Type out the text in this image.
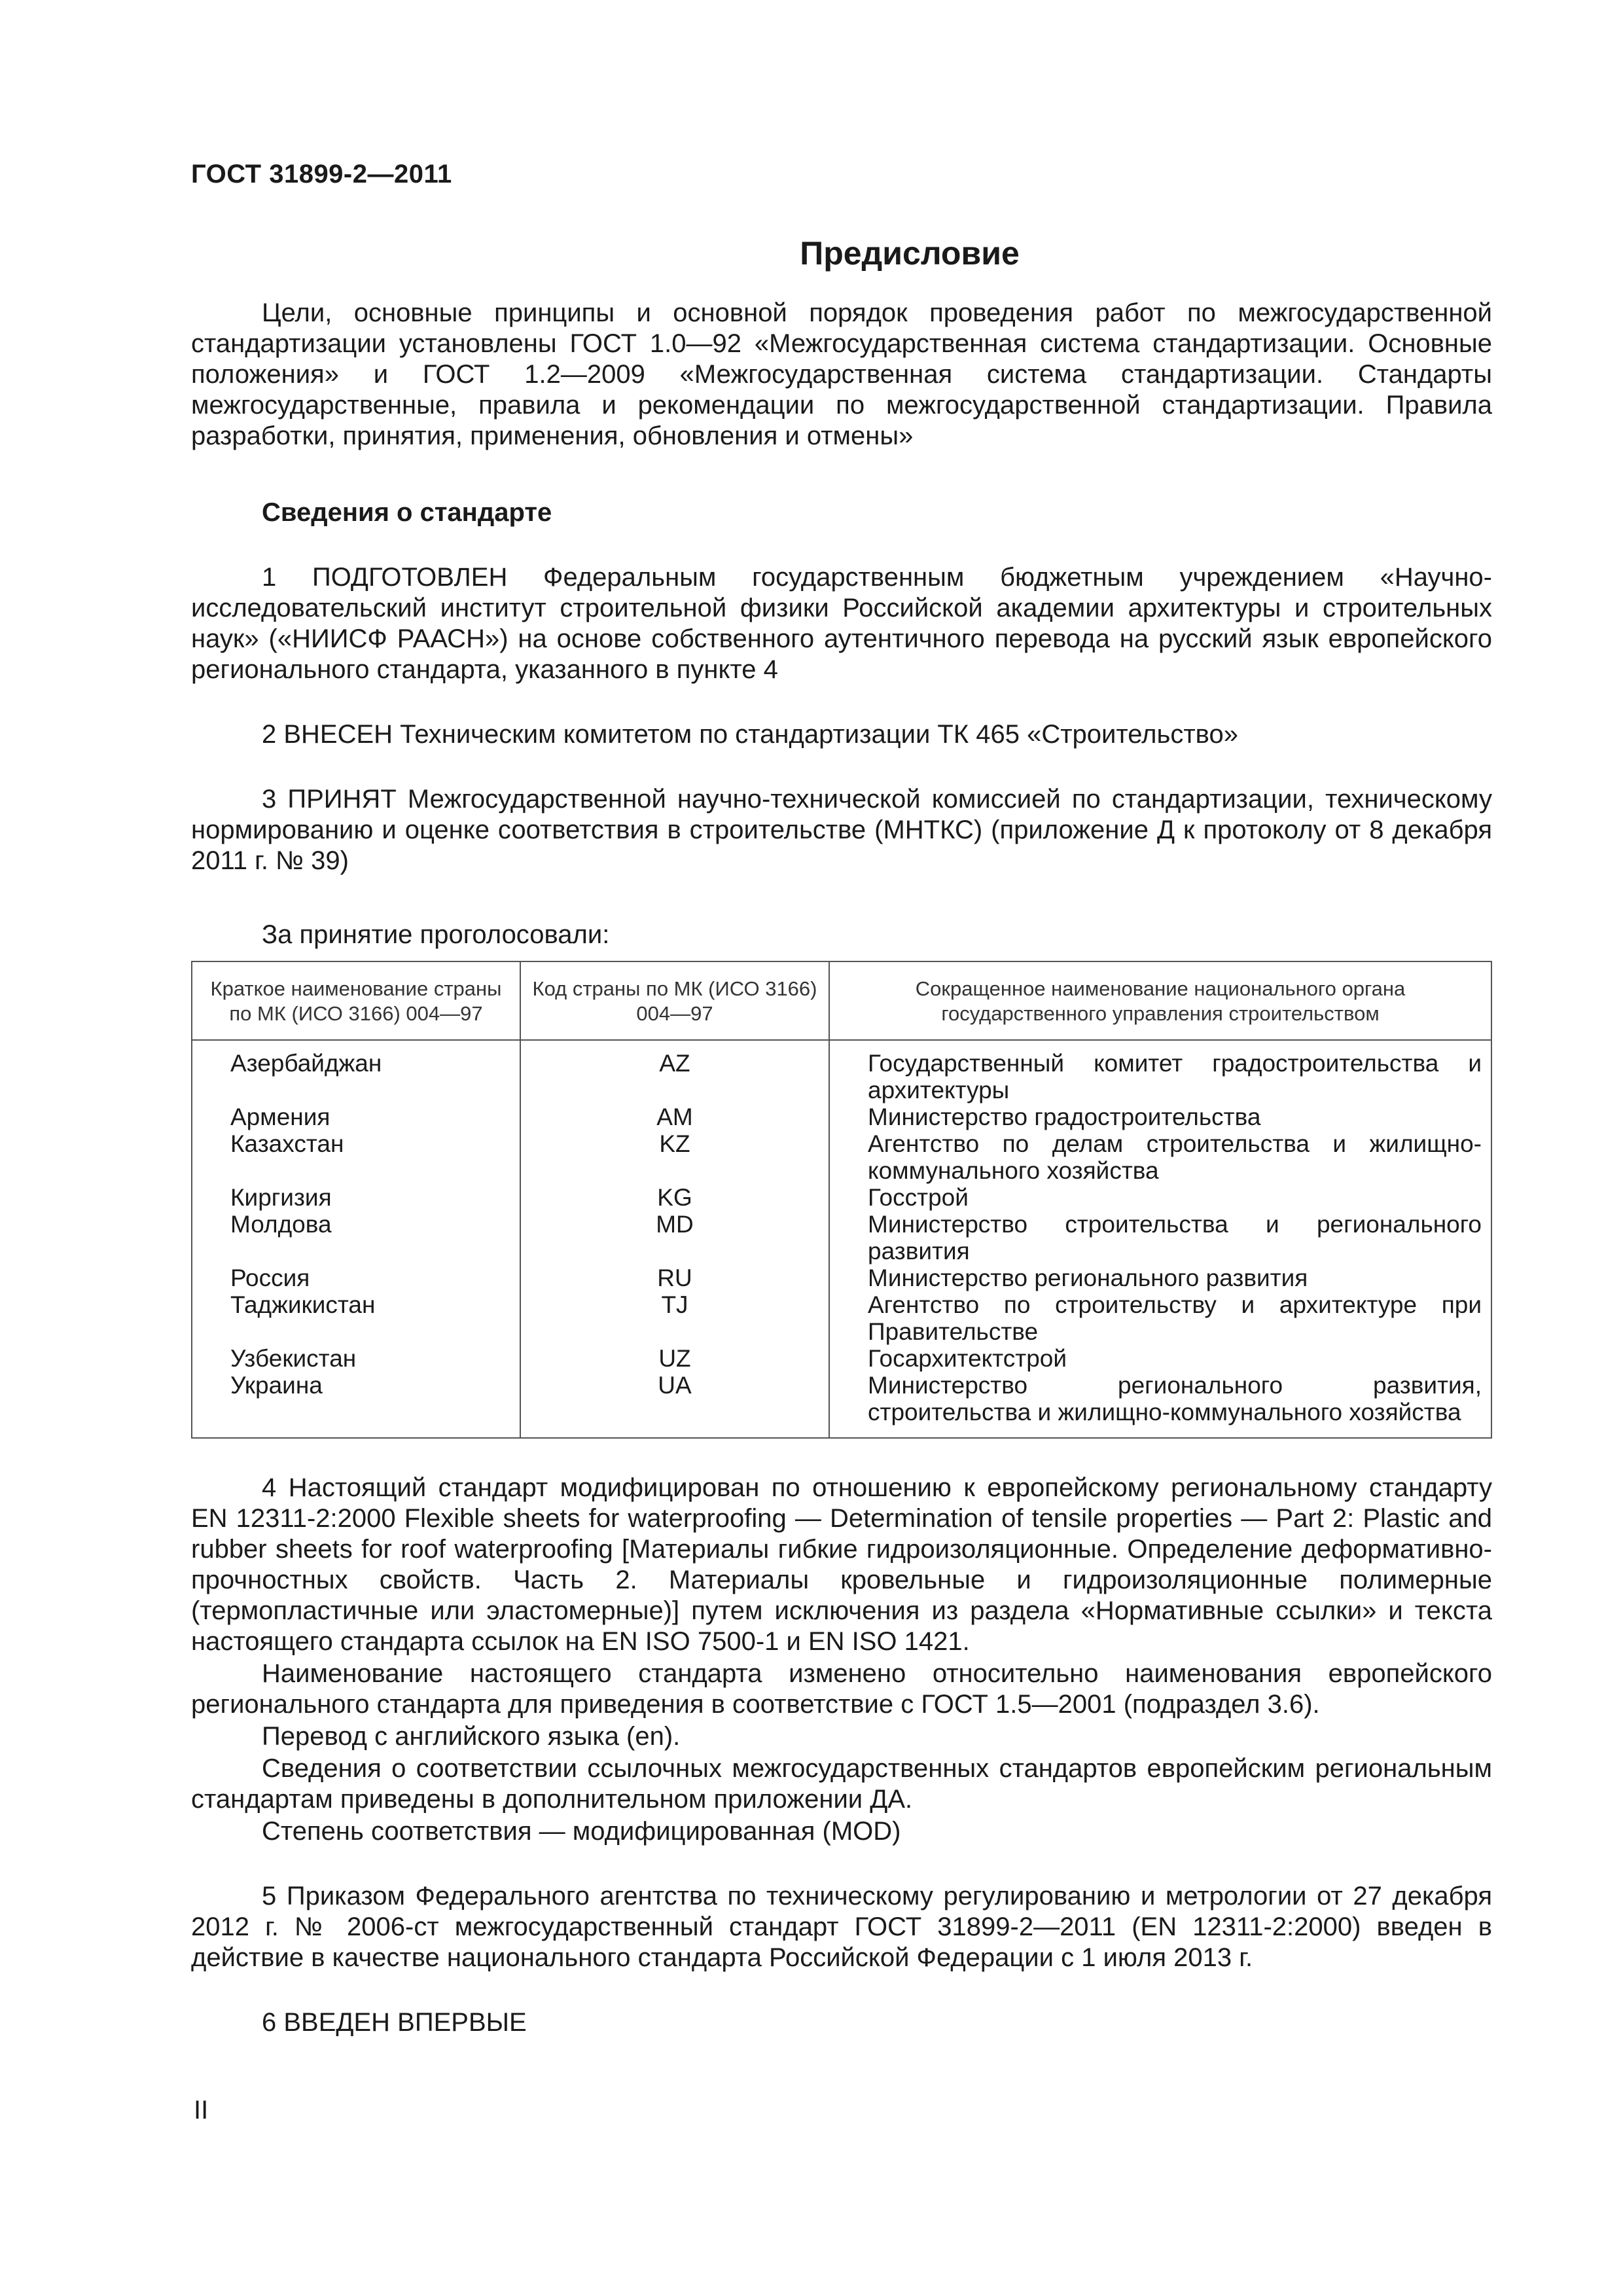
ГОСТ 31899-2—2011
Предисловие

Цели, основные принципы и основной порядок проведения работ по межгосударственной стандартизации установлены ГОСТ 1.0—92 «Межгосударственная система стандартизации. Основные положения» и ГОСТ 1.2—2009 «Межгосударственная система стандартизации. Стандарты межгосударственные, правила и рекомендации по межгосударственной стандартизации. Правила разработки, принятия, применения, обновления и отмены»

Сведения о стандарте

1 ПОДГОТОВЛЕН Федеральным государственным бюджетным учреждением «Научно-исследовательский институт строительной физики Российской академии архитектуры и строительных наук» («НИИСФ РААСН») на основе собственного аутентичного перевода на русский язык европейского регионального стандарта, указанного в пункте 4

2 ВНЕСЕН Техническим комитетом по стандартизации ТК 465 «Строительство»

3 ПРИНЯТ Межгосударственной научно-технической комиссией по стандартизации, техническому нормированию и оценке соответствия в строительстве (МНТКС) (приложение Д к протоколу от 8 декабря 2011 г. № 39)

За принятие проголосовали:
Краткое наименование страны по МК (ИСО 3166) 004—97	Код страны по МК (ИСО 3166) 004—97	Сокращенное наименование национального органа государственного управления строительством
Азербайджан	AZ	Государственный комитет градостроительства и архитектуры
Армения	AM	Министерство градостроительства
Казахстан	KZ	Агентство по делам строительства и жилищно-коммунального хозяйства
Киргизия	KG	Госстрой
Молдова	MD	Министерство строительства и регионального развития
Россия	RU	Министерство регионального развития
Таджикистан	TJ	Агентство по строительству и архитектуре при Правительстве
Узбекистан	UZ	Госархитектстрой
Украина	UA	Министерство регионального развития, строительства и жилищно-коммунального хозяйства

4 Настоящий стандарт модифицирован по отношению к европейскому региональному стандарту EN 12311-2:2000 Flexible sheets for waterproofing — Determination of tensile properties — Part 2: Plastic and rubber sheets for roof waterproofing [Материалы гибкие гидроизоляционные. Определение деформативно-прочностных свойств. Часть 2. Материалы кровельные и гидроизоляционные полимерные (термопластичные или эластомерные)] путем исключения из раздела «Нормативные ссылки» и текста настоящего стандарта ссылок на EN ISO 7500-1 и EN ISO 1421.

Наименование настоящего стандарта изменено относительно наименования европейского регионального стандарта для приведения в соответствие с ГОСТ 1.5—2001 (подраздел 3.6).

Перевод с английского языка (en).

Сведения о соответствии ссылочных межгосударственных стандартов европейским региональным стандартам приведены в дополнительном приложении ДА.

Степень соответствия — модифицированная (MOD)

5 Приказом Федерального агентства по техническому регулированию и метрологии от 27 декабря 2012 г. № 2006-ст межгосударственный стандарт ГОСТ 31899-2—2011 (EN 12311-2:2000) введен в действие в качестве национального стандарта Российской Федерации с 1 июля 2013 г.

6 ВВЕДЕН ВПЕРВЫЕ

II
